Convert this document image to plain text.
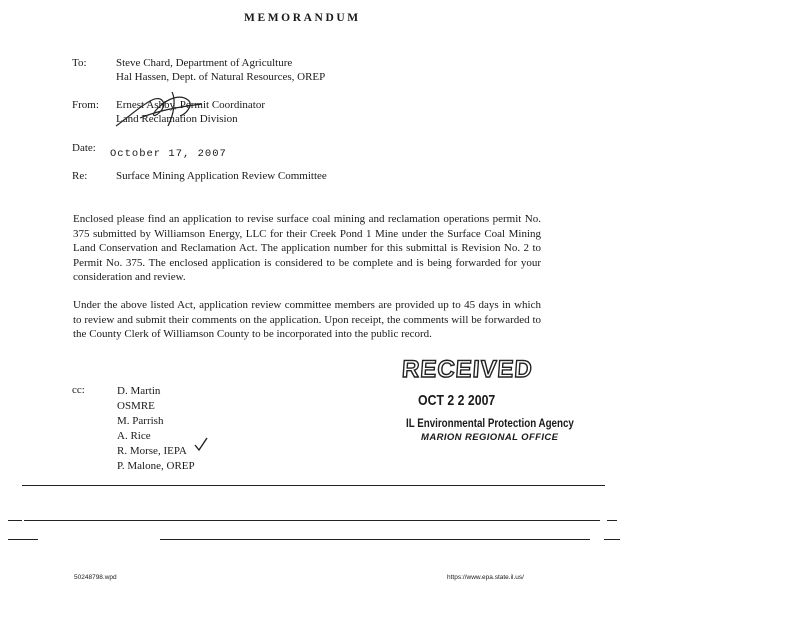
MEMORANDUM
To:	Steve Chard, Department of Agriculture
Hal Hassen, Dept. of Natural Resources, OREP
From: Ernest Ashby, Permit Coordinator
Land Reclamation Division
Date: October 17, 2007
Re:	Surface Mining Application Review Committee
Enclosed please find an application to revise surface coal mining and reclamation operations permit No. 375 submitted by Williamson Energy, LLC for their Creek Pond 1 Mine under the Surface Coal Mining Land Conservation and Reclamation Act. The application number for this submittal is Revision No. 2 to Permit No. 375. The enclosed application is considered to be complete and is being forwarded for your consideration and review.
Under the above listed Act, application review committee members are provided up to 45 days in which to review and submit their comments on the application. Upon receipt, the comments will be forwarded to the County Clerk of Williamson County to be incorporated into the public record.
cc:	D. Martin
OSMRE
M. Parrish
A. Rice
R. Morse, IEPA
P. Malone, OREP
RECEIVED
OCT 2 2 2007
IL Environmental Protection Agency
MARION REGIONAL OFFICE
50248798.wpd	https://www.epa.state.il.us/
